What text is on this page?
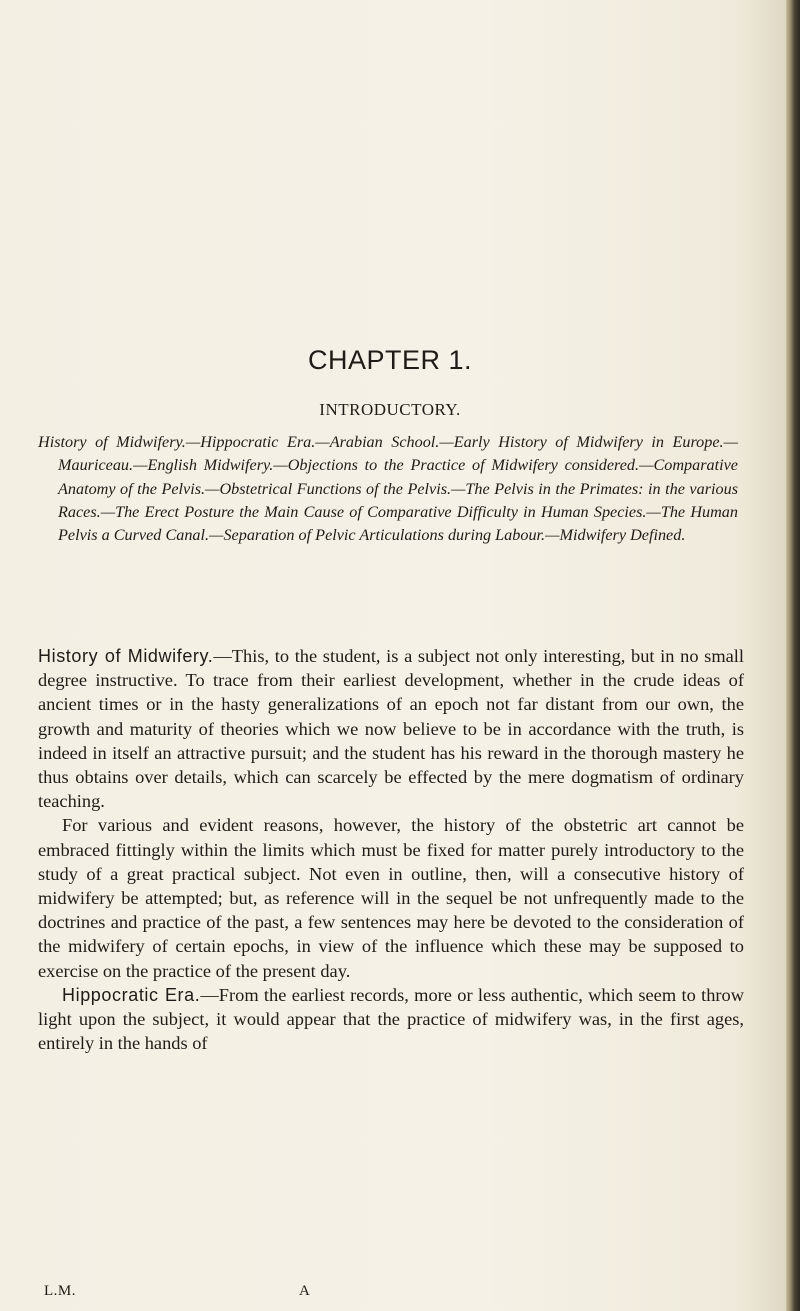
CHAPTER 1.
INTRODUCTORY.

History of Midwifery.—Hippocratic Era.—Arabian School.—Early History of Midwifery in Europe.—Mauriceau.—English Midwifery.—Objections to the Practice of Midwifery considered.—Comparative Anatomy of the Pelvis.—Obstetrical Functions of the Pelvis.—The Pelvis in the Primates: in the various Races.—The Erect Posture the Main Cause of Comparative Difficulty in Human Species.—The Human Pelvis a Curved Canal.—Separation of Pelvic Articulations during Labour.—Midwifery Defined.

History of Midwifery.—This, to the student, is a subject not only interesting, but in no small degree instructive. To trace from their earliest development, whether in the crude ideas of ancient times or in the hasty generalizations of an epoch not far distant from our own, the growth and maturity of theories which we now believe to be in accordance with the truth, is indeed in itself an attractive pursuit; and the student has his reward in the thorough mastery he thus obtains over details, which can scarcely be effected by the mere dogmatism of ordinary teaching.

For various and evident reasons, however, the history of the obstetric art cannot be embraced fittingly within the limits which must be fixed for matter purely introductory to the study of a great practical subject. Not even in outline, then, will a consecutive history of midwifery be attempted; but, as reference will in the sequel be not unfrequently made to the doctrines and practice of the past, a few sentences may here be devoted to the consideration of the midwifery of certain epochs, in view of the influence which these may be supposed to exercise on the practice of the present day.

Hippocratic Era.—From the earliest records, more or less authentic, which seem to throw light upon the subject, it would appear that the practice of midwifery was, in the first ages, entirely in the hands of

L.M.	A
